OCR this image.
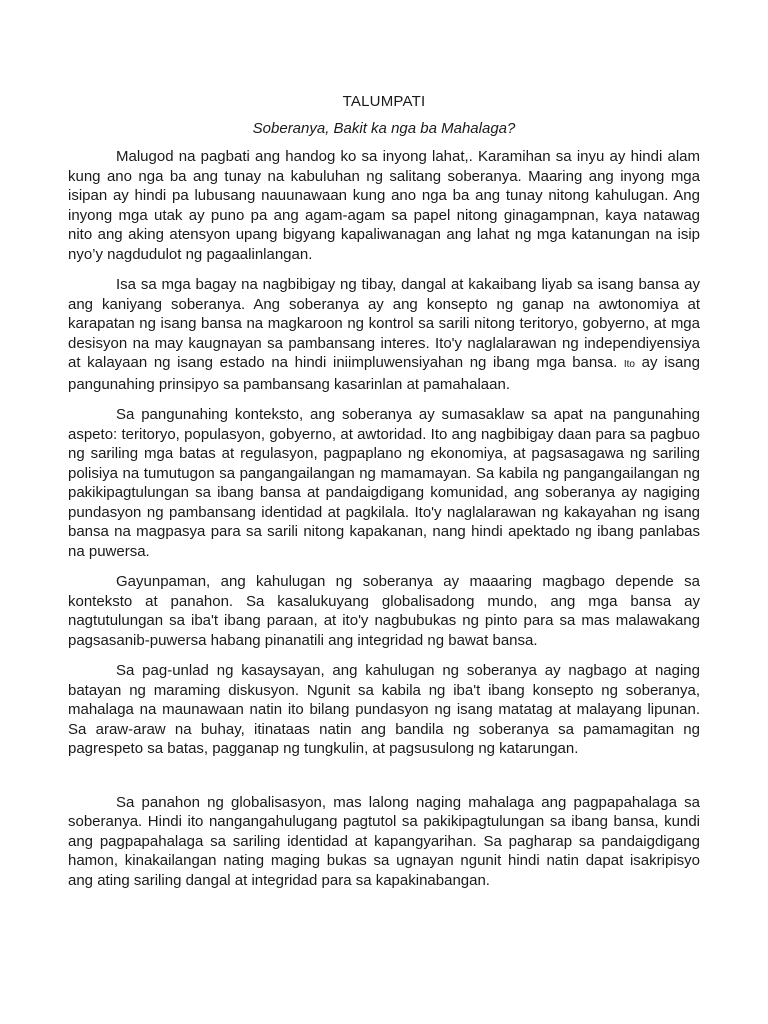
TALUMPATI
Soberanya, Bakit ka nga ba Mahalaga?

Malugod na pagbati ang handog ko sa inyong lahat,. Karamihan sa inyu ay hindi alam kung ano nga ba ang tunay na kabuluhan ng salitang soberanya. Maaring ang inyong mga isipan ay hindi pa lubusang nauunawaan kung ano nga ba ang tunay nitong kahulugan. Ang inyong mga utak ay puno pa ang agam-agam sa papel nitong ginagampnan, kaya natawag nito ang aking atensyon upang bigyang kapaliwanagan ang lahat ng mga katanungan na isip nyo’y nagdudulot ng pagaalinlangan.

Isa sa mga bagay na nagbibigay ng tibay, dangal at kakaibang liyab sa isang bansa ay ang kaniyang soberanya. Ang soberanya ay ang konsepto ng ganap na awtonomiya at karapatan ng isang bansa na magkaroon ng kontrol sa sarili nitong teritoryo, gobyerno, at mga desisyon na may kaugnayan sa pambansang interes. Ito'y naglalarawan ng independiyensiya at kalayaan ng isang estado na hindi iniimpluwensiyahan ng ibang mga bansa. Ito ay isang pangunahing prinsipyo sa pambansang kasarinlan at pamahalaan.

Sa pangunahing konteksto, ang soberanya ay sumasaklaw sa apat na pangunahing aspeto: teritoryo, populasyon, gobyerno, at awtoridad. Ito ang nagbibigay daan para sa pagbuo ng sariling mga batas at regulasyon, pagpaplano ng ekonomiya, at pagsasagawa ng sariling polisiya na tumutugon sa pangangailangan ng mamamayan. Sa kabila ng pangangailangan ng pakikipagtulungan sa ibang bansa at pandaigdigang komunidad, ang soberanya ay nagiging pundasyon ng pambansang identidad at pagkilala. Ito'y naglalarawan ng kakayahan ng isang bansa na magpasya para sa sarili nitong kapakanan, nang hindi apektado ng ibang panlabas na puwersa.

Gayunpaman, ang kahulugan ng soberanya ay maaaring magbago depende sa konteksto at panahon. Sa kasalukuyang globalisadong mundo, ang mga bansa ay nagtutulungan sa iba't ibang paraan, at ito'y nagbubukas ng pinto para sa mas malawakang pagsasanib-puwersa habang pinanatili ang integridad ng bawat bansa.

Sa pag-unlad ng kasaysayan, ang kahulugan ng soberanya ay nagbago at naging batayan ng maraming diskusyon. Ngunit sa kabila ng iba't ibang konsepto ng soberanya, mahalaga na maunawaan natin ito bilang pundasyon ng isang matatag at malayang lipunan. Sa araw-araw na buhay, itinataas natin ang bandila ng soberanya sa pamamagitan ng pagrespeto sa batas, pagganap ng tungkulin, at pagsusulong ng katarungan.

Sa panahon ng globalisasyon, mas lalong naging mahalaga ang pagpapahalaga sa soberanya. Hindi ito nangangahulugang pagtutol sa pakikipagtulungan sa ibang bansa, kundi ang pagpapahalaga sa sariling identidad at kapangyarihan. Sa pagharap sa pandaigdigang hamon, kinakailangan nating maging bukas sa ugnayan ngunit hindi natin dapat isakripisyo ang ating sariling dangal at integridad para sa kapakinabangan.
